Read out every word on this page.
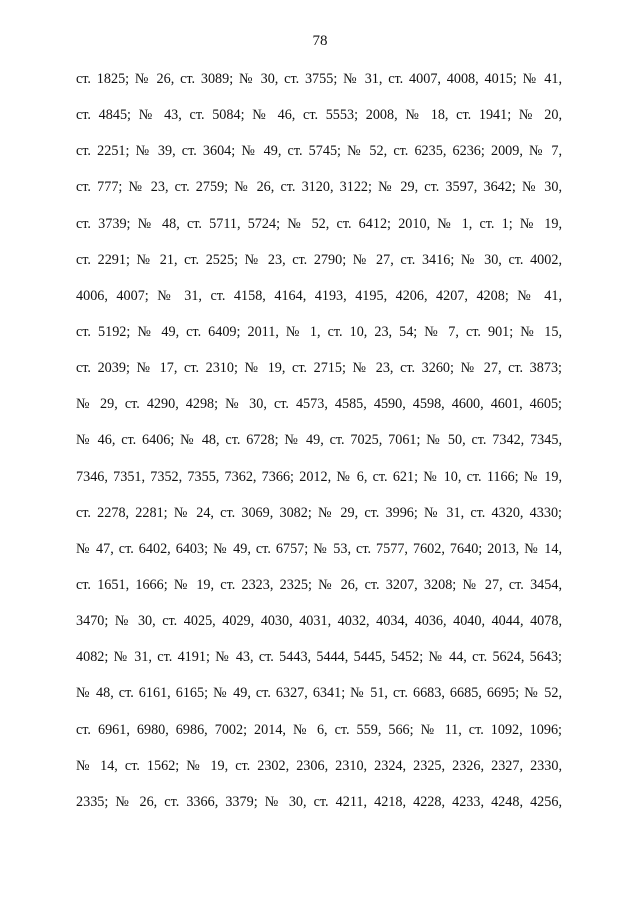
78
ст. 1825; № 26, ст. 3089; № 30, ст. 3755; № 31, ст. 4007, 4008, 4015; № 41,
ст. 4845; № 43, ст. 5084; № 46, ст. 5553; 2008, № 18, ст. 1941; № 20,
ст. 2251; № 39, ст. 3604; № 49, ст. 5745; № 52, ст. 6235, 6236; 2009, № 7,
ст. 777; № 23, ст. 2759; № 26, ст. 3120, 3122; № 29, ст. 3597, 3642; № 30,
ст. 3739; № 48, ст. 5711, 5724; № 52, ст. 6412; 2010, № 1, ст. 1; № 19,
ст. 2291; № 21, ст. 2525; № 23, ст. 2790; № 27, ст. 3416; № 30, ст. 4002,
4006, 4007; № 31, ст. 4158, 4164, 4193, 4195, 4206, 4207, 4208; № 41,
ст. 5192; № 49, ст. 6409; 2011, № 1, ст. 10, 23, 54; № 7, ст. 901; № 15,
ст. 2039; № 17, ст. 2310; № 19, ст. 2715; № 23, ст. 3260; № 27, ст. 3873;
№ 29, ст. 4290, 4298; № 30, ст. 4573, 4585, 4590, 4598, 4600, 4601, 4605;
№ 46, ст. 6406; № 48, ст. 6728; № 49, ст. 7025, 7061; № 50, ст. 7342, 7345,
7346, 7351, 7352, 7355, 7362, 7366; 2012, № 6, ст. 621; № 10, ст. 1166; № 19,
ст. 2278, 2281; № 24, ст. 3069, 3082; № 29, ст. 3996; № 31, ст. 4320, 4330;
№ 47, ст. 6402, 6403; № 49, ст. 6757; № 53, ст. 7577, 7602, 7640; 2013, № 14,
ст. 1651, 1666; № 19, ст. 2323, 2325; № 26, ст. 3207, 3208; № 27, ст. 3454,
3470; № 30, ст. 4025, 4029, 4030, 4031, 4032, 4034, 4036, 4040, 4044, 4078,
4082; № 31, ст. 4191; № 43, ст. 5443, 5444, 5445, 5452; № 44, ст. 5624, 5643;
№ 48, ст. 6161, 6165; № 49, ст. 6327, 6341; № 51, ст. 6683, 6685, 6695; № 52,
ст. 6961, 6980, 6986, 7002; 2014, № 6, ст. 559, 566; № 11, ст. 1092, 1096;
№ 14, ст. 1562; № 19, ст. 2302, 2306, 2310, 2324, 2325, 2326, 2327, 2330,
2335; № 26, ст. 3366, 3379; № 30, ст. 4211, 4218, 4228, 4233, 4248, 4256,
